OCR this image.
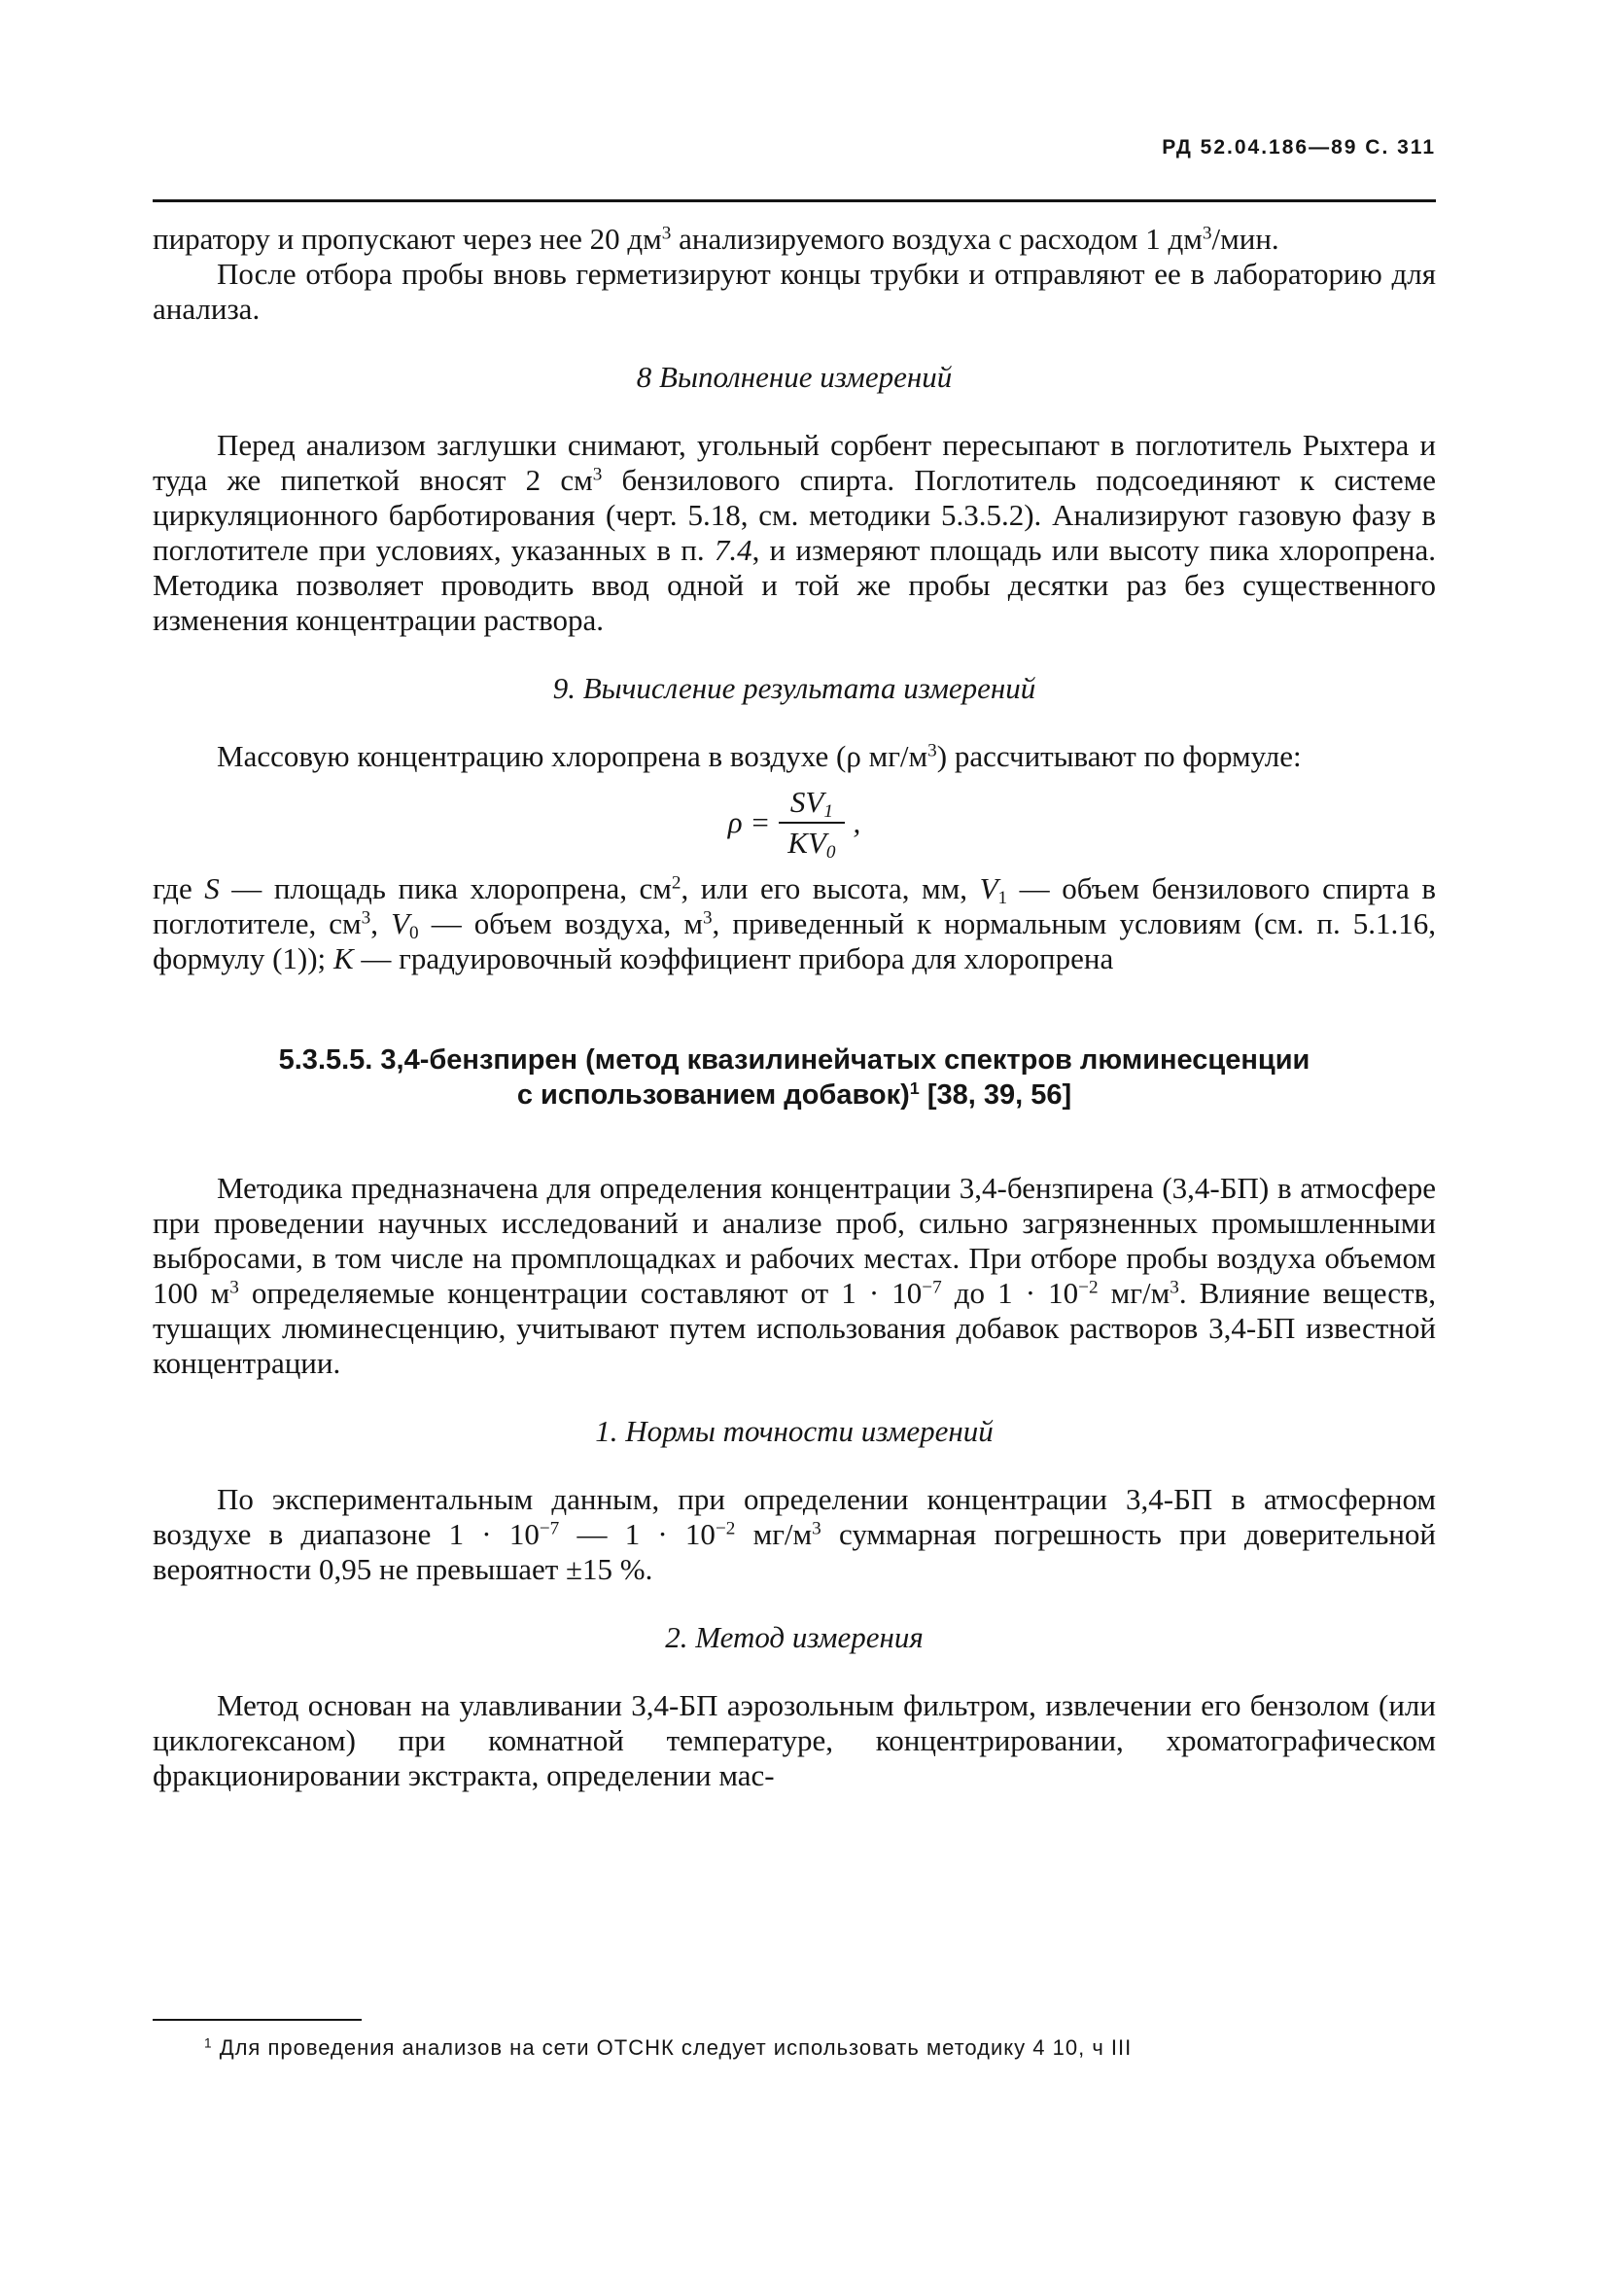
РД 52.04.186—89 С. 311

пиратору и пропускают через нее 20 $дм^3$ анализируемого воздуха с расходом 1 $дм^3$/мин.

После отбора пробы вновь герметизируют концы трубки и отправляют ее в лабораторию для анализа.

8 Выполнение измерений

Перед анализом заглушки снимают, угольный сорбент пересыпают в поглотитель Рыхтера и туда же пипеткой вносят 2 $см^3$ бензилового спирта. Поглотитель подсоединяют к системе циркуляционного барботирования (черт. 5.18, см. методики 5.3.5.2). Анализируют газовую фазу в поглотителе при условиях, указанных в п. 7.4, и измеряют площадь или высоту пика хлоропрена. Методика позволяет проводить ввод одной и той же пробы десятки раз без существенного изменения концентрации раствора.

9. Вычисление результата измерений

Массовую концентрацию хлоропрена в воздухе (ρ $мг/м^3$) рассчитывают по формуле:

$\rho = \frac{SV_1}{KV_0}$ ,

где S — площадь пика хлоропрена, $см^2$, или его высота, мм, $V_1$ — объем бензилового спирта в поглотителе, $см^3$, $V_0$ — объем воздуха, $м^3$, приведенный к нормальным условиям (см. п. 5.1.16, формулу (1)); K — градуировочный коэффициент прибора для хлоропрена

5.3.5.5. 3,4-бензпирен (метод квазилинейчатых спектров люминесценции
с использованием добавок)$^1$ [38, 39, 56]

Методика предназначена для определения концентрации 3,4-бензпирена (3,4-БП) в атмосфере при проведении научных исследований и анализе проб, сильно загрязненных промышленными выбросами, в том числе на промплощадках и рабочих местах. При отборе пробы воздуха объемом 100 $м^3$ определяемые концентрации составляют от $1 \cdot 10^{-7}$ до $1 \cdot 10^{-2}$ $мг/м^3$. Влияние веществ, тушащих люминесценцию, учитывают путем использования добавок растворов 3,4-БП известной концентрации.

1. Нормы точности измерений

По экспериментальным данным, при определении концентрации 3,4-БП в атмосферном воздухе в диапазоне $1 \cdot 10^{-7}$ — $1 \cdot 10^{-2}$ $мг/м^3$ суммарная погрешность при доверительной вероятности 0,95 не превышает ±15 %.

2. Метод измерения

Метод основан на улавливании 3,4-БП аэрозольным фильтром, извлечении его бензолом (или циклогексаном) при комнатной температуре, концентрировании, хроматографическом фракционировании экстракта, определении мас-

$^1$ Для проведения анализов на сети ОТСНК следует использовать методику 4 10, ч III
